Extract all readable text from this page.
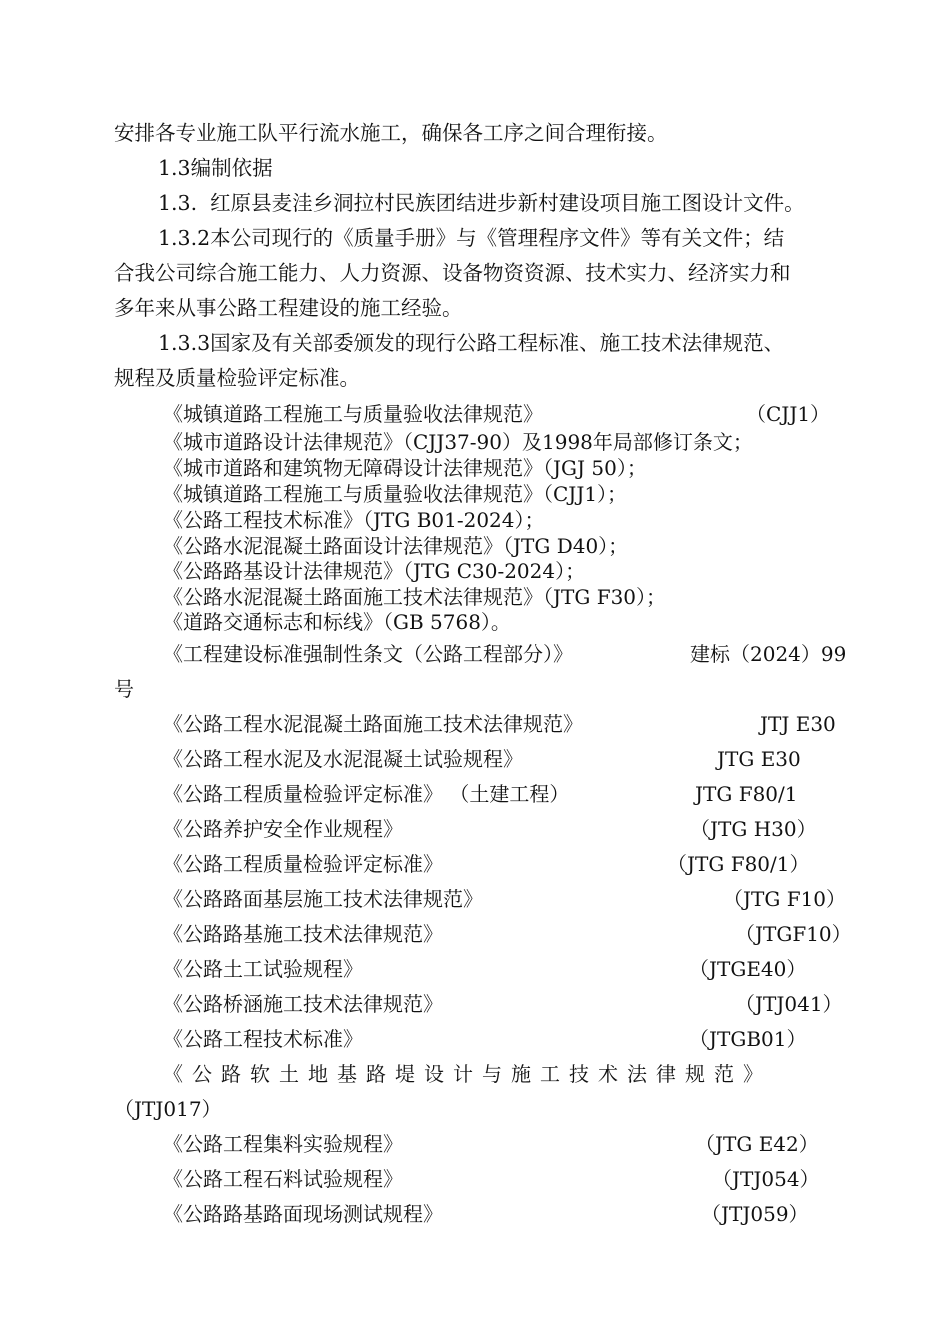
安排各专业施工队平行流水施工，确保各工序之间合理衔接。
1.3编制依据
1.3.  红原县麦洼乡洞拉村民族团结进步新村建设项目施工图设计文件。
1.3.2本公司现行的《质量手册》与《管理程序文件》等有关文件；结
合我公司综合施工能力、人力资源、设备物资资源、技术实力、经济实力和
多年来从事公路工程建设的施工经验。
1.3.3国家及有关部委颁发的现行公路工程标准、施工技术法律规范、
规程及质量检验评定标准。
《城镇道路工程施工与质量验收法律规范》	（CJJ1）
《城市道路设计法律规范》（CJJ37-90）及1998年局部修订条文；
《城市道路和建筑物无障碍设计法律规范》（JGJ 50）；
《城镇道路工程施工与质量验收法律规范》（CJJ1）；
《公路工程技术标准》（JTG B01-2024）；
《公路水泥混凝土路面设计法律规范》（JTG D40）；
《公路路基设计法律规范》（JTG C30-2024）；
《公路水泥混凝土路面施工技术法律规范》（JTG F30）；
《道路交通标志和标线》（GB 5768）。
《工程建设标准强制性条文（公路工程部分）》	建标（2024）99
号
《公路工程水泥混凝土路面施工技术法律规范》	JTJ E30
《公路工程水泥及水泥混凝土试验规程》	JTG E30
《公路工程质量检验评定标准》 （土建工程）	JTG F80/1
《公路养护安全作业规程》	（JTG H30）
《公路工程质量检验评定标准》	（JTG F80/1）
《公路路面基层施工技术法律规范》	（JTG F10）
《公路路基施工技术法律规范》	（JTGF10）
《公路土工试验规程》	（JTGE40）
《公路桥涵施工技术法律规范》	（JTJ041）
《公路工程技术标准》	（JTGB01）
《公路软土地基路堤设计与施工技术法律规范》
（JTJ017）
《公路工程集料实验规程》	（JTG E42）
《公路工程石料试验规程》	（JTJ054）
《公路路基路面现场测试规程》	（JTJ059）
